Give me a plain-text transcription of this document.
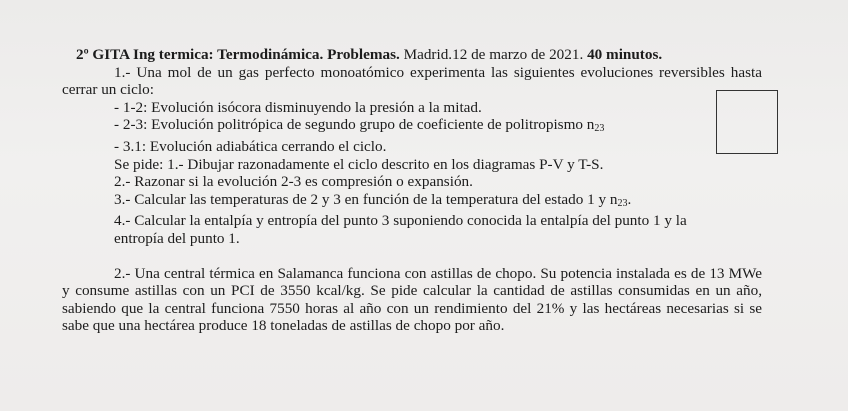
2º GITA Ing termica: Termodinámica. Problemas. Madrid.12 de marzo de 2021. 40 minutos.

1.- Una mol de un gas perfecto monoatómico experimenta las siguientes evoluciones reversibles hasta cerrar un ciclo:

- 1-2: Evolución isócora disminuyendo la presión a la mitad.
- 2-3: Evolución politrópica de segundo grupo de coeficiente de politropismo $n_{23}$
- 3.1: Evolución adiabática cerrando el ciclo.
Se pide: 1.- Dibujar razonadamente el ciclo descrito en los diagramas P-V y T-S.
2.- Razonar si la evolución 2-3 es compresión o expansión.
3.- Calcular las temperaturas de 2 y 3 en función de la temperatura del estado 1 y $n_{23}$.
4.- Calcular la entalpía y entropía del punto 3 suponiendo conocida la entalpía del punto 1 y la
entropía del punto 1.

2.- Una central térmica en Salamanca funciona con astillas de chopo. Su potencia instalada es de 13 MWe y consume astillas con un PCI de 3550 kcal/kg. Se pide calcular la cantidad de astillas consumidas en un año, sabiendo que la central funciona 7550 horas al año con un rendimiento del 21% y las hectáreas necesarias si se sabe que una hectárea produce 18 toneladas de astillas de chopo por año.
